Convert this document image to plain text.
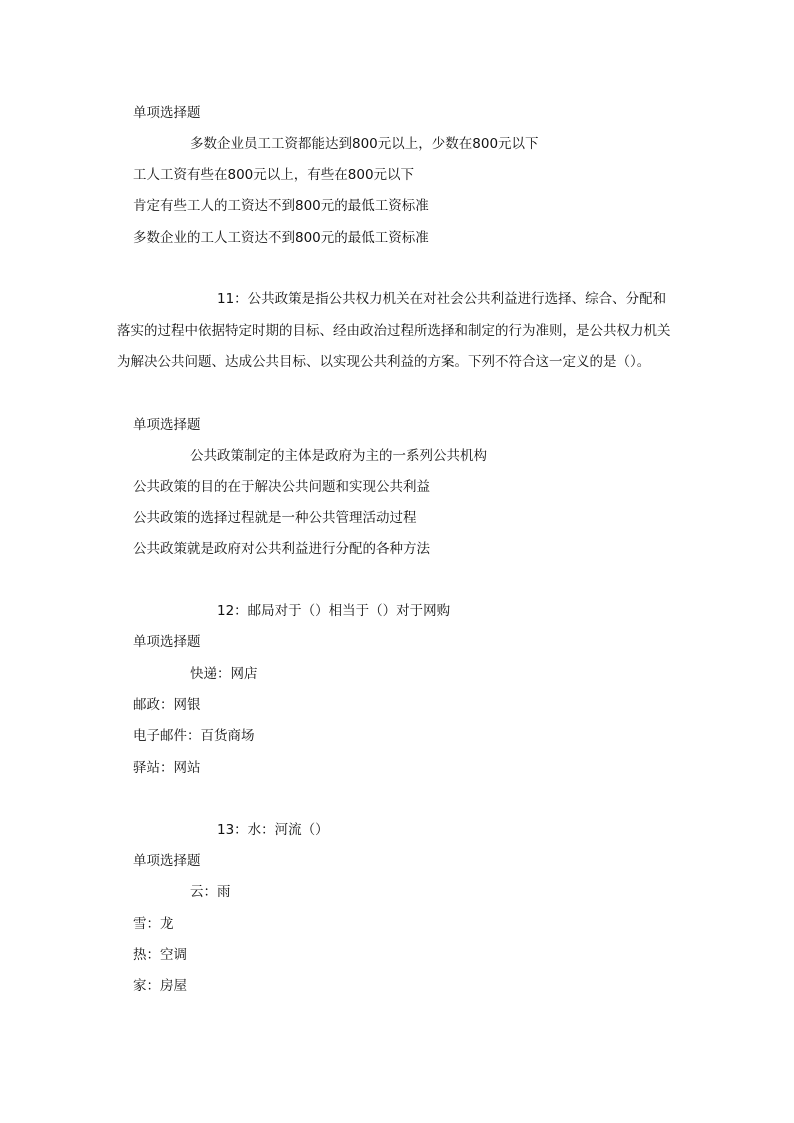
单项选择题
多数企业员工工资都能达到800元以上，少数在800元以下
工人工资有些在800元以上，有些在800元以下
肯定有些工人的工资达不到800元的最低工资标准
多数企业的工人工资达不到800元的最低工资标准
11：公共政策是指公共权力机关在对社会公共利益进行选择、综合、分配和落实的过程中依据特定时期的目标、经由政治过程所选择和制定的行为准则，是公共权力机关为解决公共问题、达成公共目标、以实现公共利益的方案。下列不符合这一定义的是（）。
单项选择题
公共政策制定的主体是政府为主的一系列公共机构
公共政策的目的在于解决公共问题和实现公共利益
公共政策的选择过程就是一种公共管理活动过程
公共政策就是政府对公共利益进行分配的各种方法
12：邮局对于（）相当于（）对于网购
单项选择题
快递：网店
邮政：网银
电子邮件：百货商场
驿站：网站
13：水：河流（）
单项选择题
云：雨
雪：龙
热：空调
家：房屋
